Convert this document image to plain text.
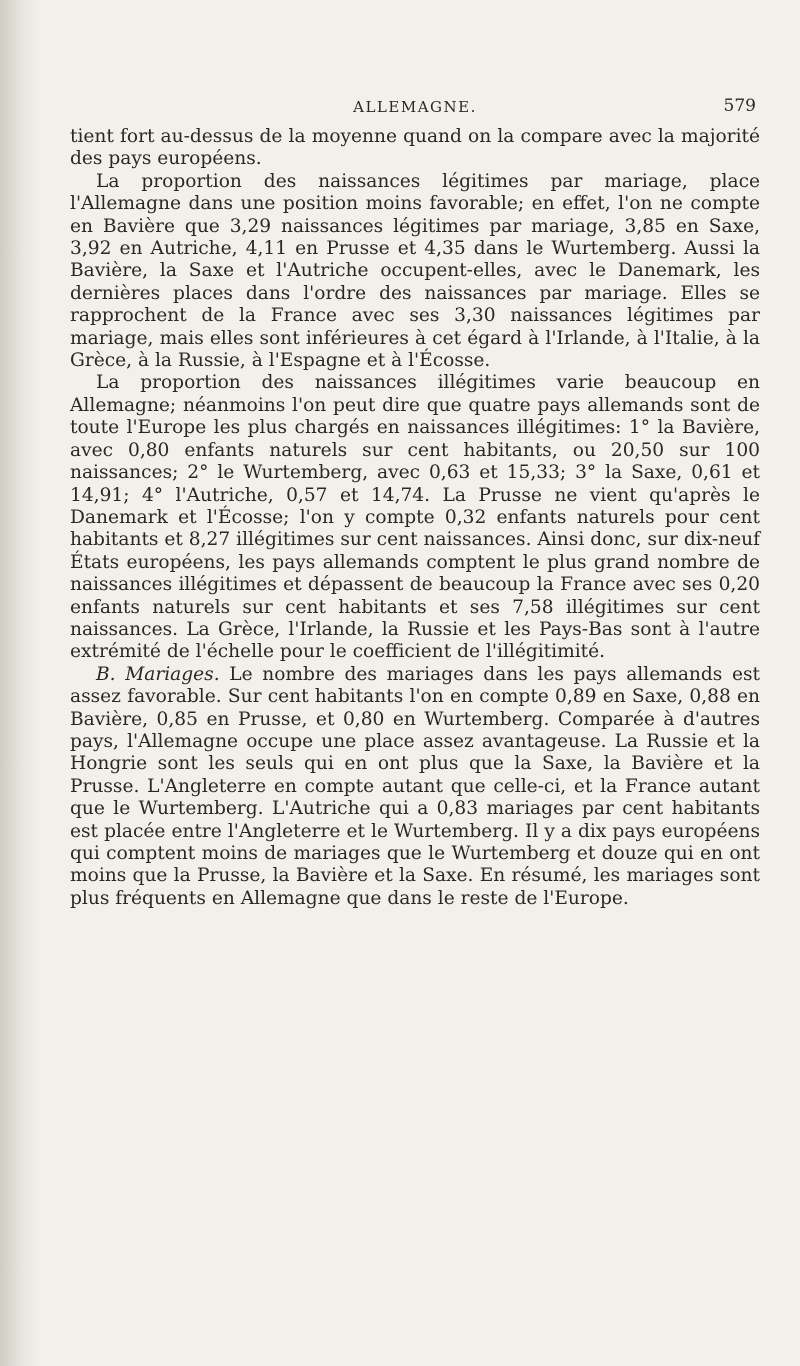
ALLEMAGNE.	579

tient fort au-dessus de la moyenne quand on la compare avec la majorité des pays européens.

La proportion des naissances légitimes par mariage, place l'Allemagne dans une position moins favorable; en effet, l'on ne compte en Bavière que 3,29 naissances légitimes par mariage, 3,85 en Saxe, 3,92 en Autriche, 4,11 en Prusse et 4,35 dans le Wurtemberg. Aussi la Bavière, la Saxe et l'Autriche occupent-elles, avec le Danemark, les dernières places dans l'ordre des naissances par mariage. Elles se rapprochent de la France avec ses 3,30 naissances légitimes par mariage, mais elles sont inférieures à cet égard à l'Irlande, à l'Italie, à la Grèce, à la Russie, à l'Espagne et à l'Écosse.

La proportion des naissances illégitimes varie beaucoup en Allemagne; néanmoins l'on peut dire que quatre pays allemands sont de toute l'Europe les plus chargés en naissances illégitimes: 1° la Bavière, avec 0,80 enfants naturels sur cent habitants, ou 20,50 sur 100 naissances; 2° le Wurtemberg, avec 0,63 et 15,33; 3° la Saxe, 0,61 et 14,91; 4° l'Autriche, 0,57 et 14,74. La Prusse ne vient qu'après le Danemark et l'Écosse; l'on y compte 0,32 enfants naturels pour cent habitants et 8,27 illégitimes sur cent naissances. Ainsi donc, sur dix-neuf États européens, les pays allemands comptent le plus grand nombre de naissances illégitimes et dépassent de beaucoup la France avec ses 0,20 enfants naturels sur cent habitants et ses 7,58 illégitimes sur cent naissances. La Grèce, l'Irlande, la Russie et les Pays-Bas sont à l'autre extrémité de l'échelle pour le coefficient de l'illégitimité.

B. Mariages. Le nombre des mariages dans les pays allemands est assez favorable. Sur cent habitants l'on en compte 0,89 en Saxe, 0,88 en Bavière, 0,85 en Prusse, et 0,80 en Wurtemberg. Comparée à d'autres pays, l'Allemagne occupe une place assez avantageuse. La Russie et la Hongrie sont les seuls qui en ont plus que la Saxe, la Bavière et la Prusse. L'Angleterre en compte autant que celle-ci, et la France autant que le Wurtemberg. L'Autriche qui a 0,83 mariages par cent habitants est placée entre l'Angleterre et le Wurtemberg. Il y a dix pays européens qui comptent moins de mariages que le Wurtemberg et douze qui en ont moins que la Prusse, la Bavière et la Saxe. En résumé, les mariages sont plus fréquents en Allemagne que dans le reste de l'Europe.
